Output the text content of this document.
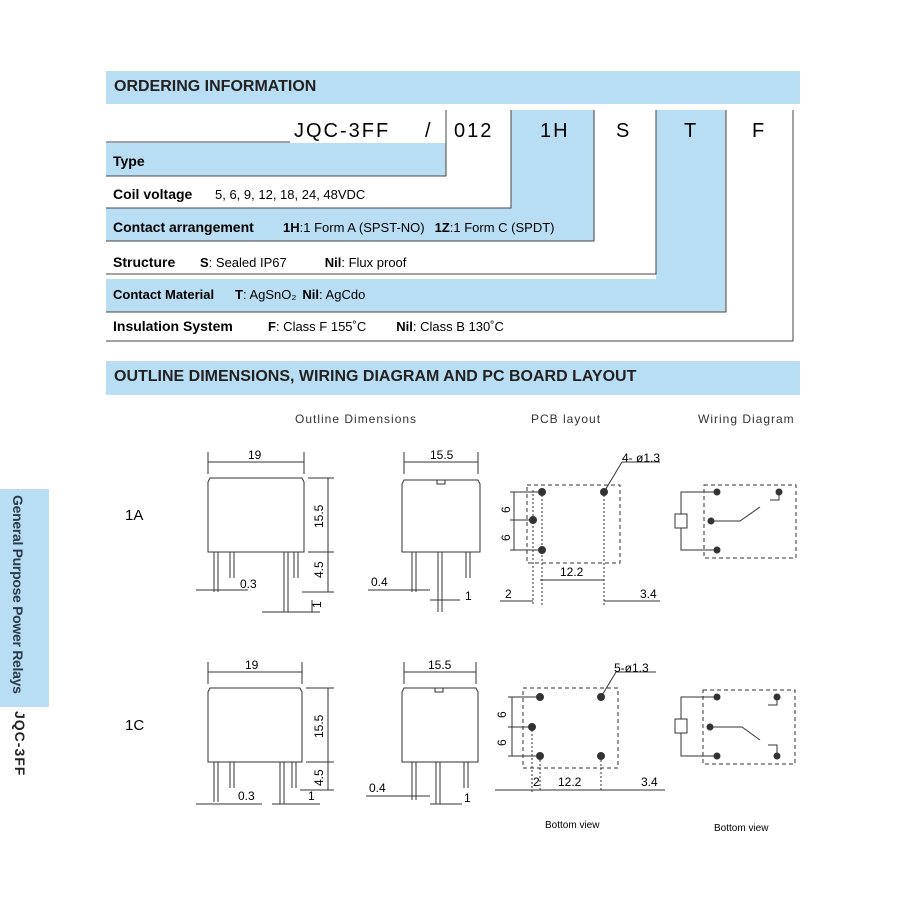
ORDERING INFORMATION
OUTLINE DIMENSIONS, WIRING DIAGRAM AND PC BOARD LAYOUT
General Purpose Power Relays
JQC-3FF
JQC-3FF / 012 1H S	T	F
Type
Coil voltage 5, 6, 9, 12, 18, 24, 48VDC
Contact arrangement 1H:1 Form A (SPST-NO) 1Z:1 Form C (SPDT)
Structure S: Sealed IP67	Nil: Flux proof
Contact Material T: AgSnO₂ Nil: AgCdo
Insulation System	F: Class F 155˚C Nil: Class B 130˚C
Outline Dimensions	PCB layout	Wiring Diagram
1A
1C
19
15.5
4.5
0.3
1
15.5
0.4
1
4- ø1.3
6
6
12.2
2	3.4
19
15.5
4.5
0.3	1
15.5
0.4
1
5-ø1.3
6
6
2 12.2	3.4
Bottom view	Bottom view
